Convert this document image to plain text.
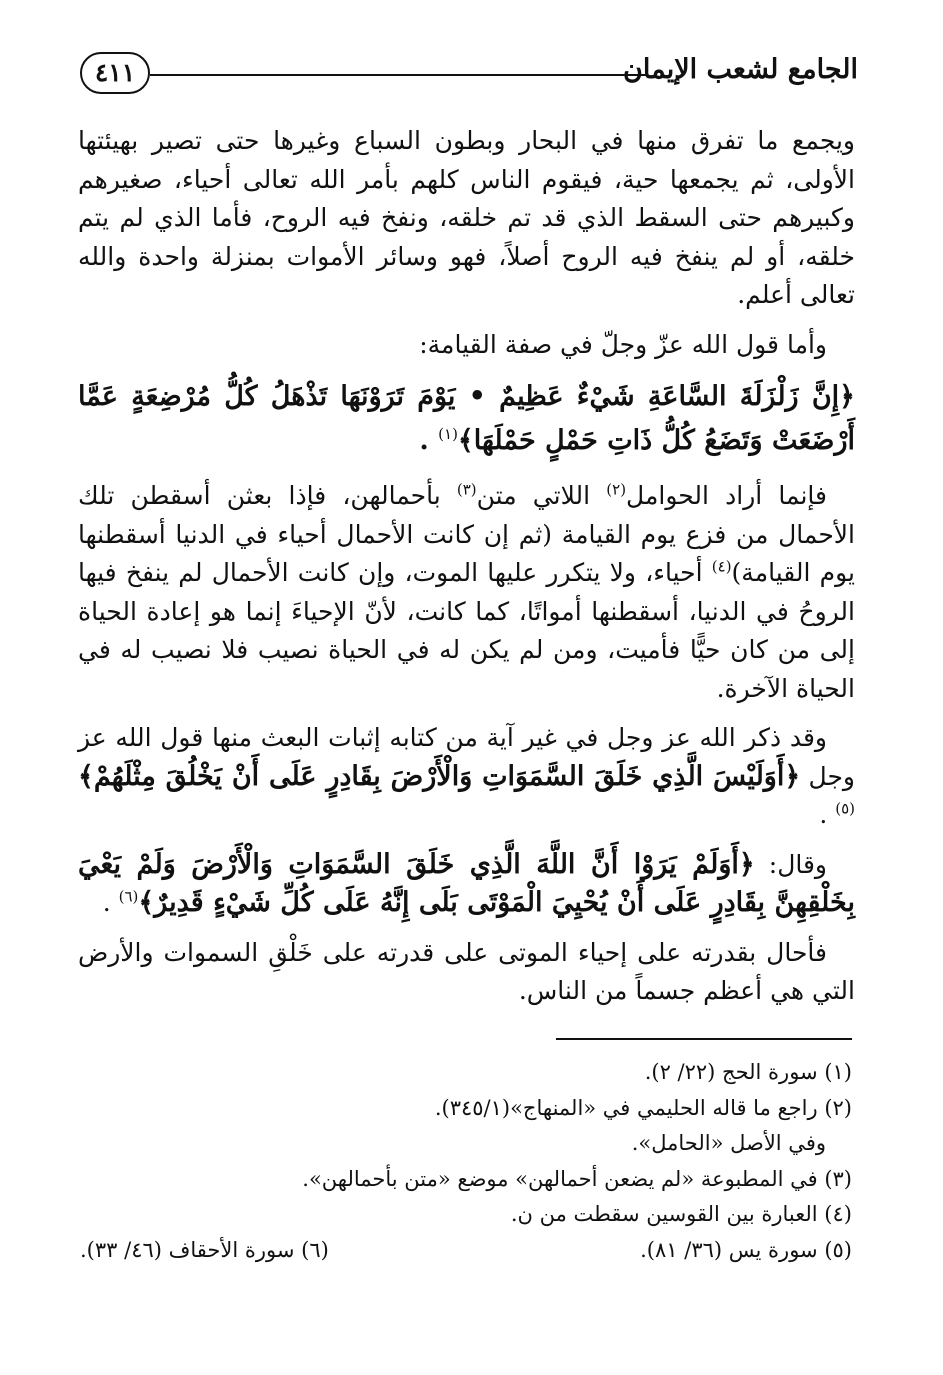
الجامع لشعب الإيمان
٤١١

ويجمع ما تفرق منها في البحار وبطون السباع وغيرها حتى تصير بهيئتها الأولى، ثم يجمعها حية، فيقوم الناس كلهم بأمر الله تعالى أحياء، صغيرهم وكبيرهم حتى السقط الذي قد تم خلقه، ونفخ فيه الروح، فأما الذي لم يتم خلقه، أو لم ينفخ فيه الروح أصلاً، فهو وسائر الأموات بمنزلة واحدة والله تعالى أعلم.

وأما قول الله عزّ وجلّ في صفة القيامة:

﴿إِنَّ زَلْزَلَةَ السَّاعَةِ شَيْءٌ عَظِيمٌ • يَوْمَ تَرَوْنَهَا تَذْهَلُ كُلُّ مُرْضِعَةٍ عَمَّا أَرْضَعَتْ وَتَضَعُ كُلُّ ذَاتِ حَمْلٍ حَمْلَهَا﴾$^{(١)}$ .

فإنما أراد الحوامل$^{(٢)}$ اللاتي متن$^{(٣)}$ بأحمالهن، فإذا بعثن أسقطن تلك الأحمال من فزع يوم القيامة (ثم إن كانت الأحمال أحياء في الدنيا أسقطنها يوم القيامة)$^{(٤)}$ أحياء، ولا يتكرر عليها الموت، وإن كانت الأحمال لم ينفخ فيها الروحُ في الدنيا، أسقطنها أمواتًا، كما كانت، لأنّ الإحياءَ إنما هو إعادة الحياة إلى من كان حيًّا فأميت، ومن لم يكن له في الحياة نصيب فلا نصيب له في الحياة الآخرة.

وقد ذكر الله عز وجل في غير آية من كتابه إثبات البعث منها قول الله عز وجل ﴿أَوَلَيْسَ الَّذِي خَلَقَ السَّمَوَاتِ وَالْأَرْضَ بِقَادِرٍ عَلَى أَنْ يَخْلُقَ مِثْلَهُمْ﴾$^{(٥)}$ .

وقال: ﴿أَوَلَمْ يَرَوْا أَنَّ اللَّهَ الَّذِي خَلَقَ السَّمَوَاتِ وَالْأَرْضَ وَلَمْ يَعْيَ بِخَلْقِهِنَّ بِقَادِرٍ عَلَى أَنْ يُحْيِيَ الْمَوْتَى بَلَى إِنَّهُ عَلَى كُلِّ شَيْءٍ قَدِيرٌ﴾$^{(٦)}$ .

فأحال بقدرته على إحياء الموتى على قدرته على خَلْقِ السموات والأرض التي هي أعظم جسماً من الناس.

(١) سورة الحج (٢٢/ ٢).
(٢) راجع ما قاله الحليمي في «المنهاج»(٣٤٥/١).
وفي الأصل «الحامل».
(٣) في المطبوعة «لم يضعن أحمالهن» موضع «متن بأحمالهن».
(٤) العبارة بين القوسين سقطت من ن.
(٥) سورة يس (٣٦/ ٨١).
(٦) سورة الأحقاف (٤٦/ ٣٣).
